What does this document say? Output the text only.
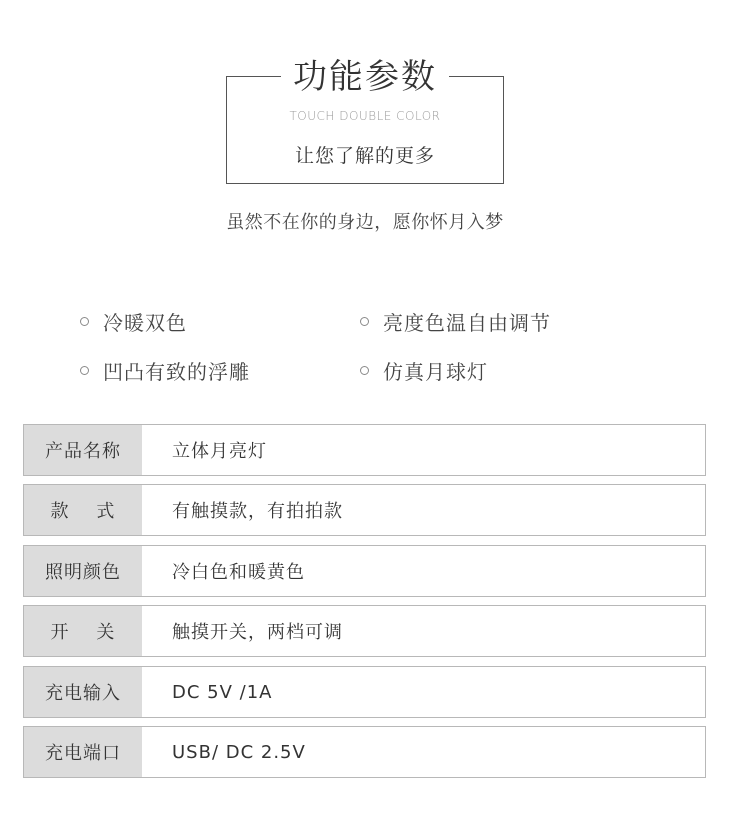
功能参数
TOUCH DOUBLE COLOR
让您了解的更多
虽然不在你的身边，愿你怀月入梦
冷暖双色	亮度色温自由调节
凹凸有致的浮雕	仿真月球灯
产品名称	立体月亮灯
款    式	有触摸款，有拍拍款
照明颜色	冷白色和暖黄色
开    关	触摸开关，两档可调
充电输入	DC 5V /1A
充电端口	USB/ DC 2.5V
